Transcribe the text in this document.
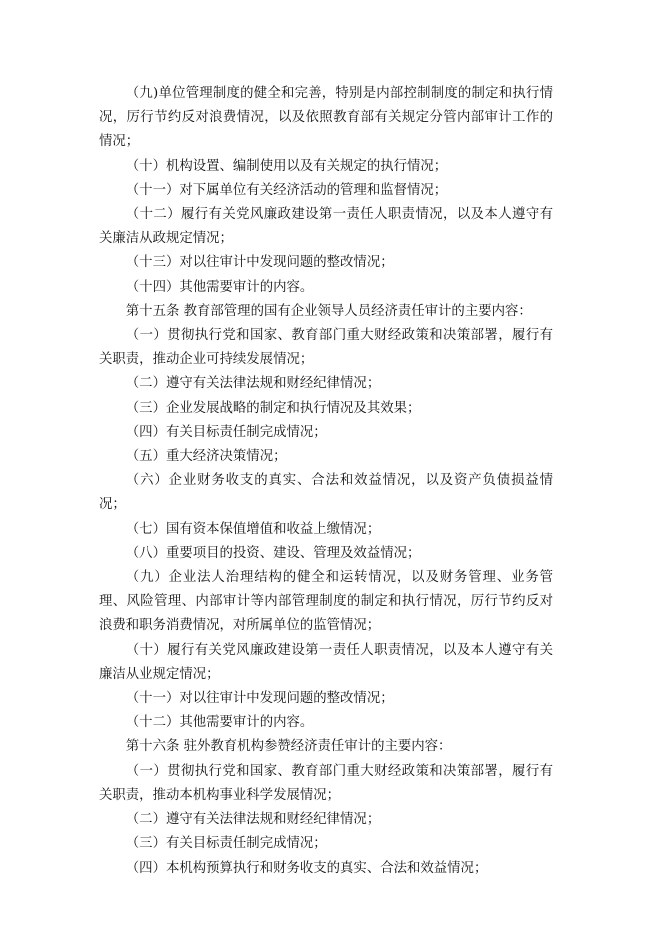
（九)单位管理制度的健全和完善，特别是内部控制制度的制定和执行情况，厉行节约反对浪费情况，以及依照教育部有关规定分管内部审计工作的情况；

（十）机构设置、编制使用以及有关规定的执行情况；

（十一）对下属单位有关经济活动的管理和监督情况；

（十二）履行有关党风廉政建设第一责任人职责情况，以及本人遵守有关廉洁从政规定情况；

（十三）对以往审计中发现问题的整改情况；

（十四）其他需要审计的内容。

第十五条 教育部管理的国有企业领导人员经济责任审计的主要内容：

（一）贯彻执行党和国家、教育部门重大财经政策和决策部署，履行有关职责，推动企业可持续发展情况；

（二）遵守有关法律法规和财经纪律情况；

（三）企业发展战略的制定和执行情况及其效果；

（四）有关目标责任制完成情况；

（五）重大经济决策情况；

（六）企业财务收支的真实、合法和效益情况，以及资产负债损益情况；

（七）国有资本保值增值和收益上缴情况；

（八）重要项目的投资、建设、管理及效益情况；

（九）企业法人治理结构的健全和运转情况，以及财务管理、业务管理、风险管理、内部审计等内部管理制度的制定和执行情况，厉行节约反对浪费和职务消费情况，对所属单位的监管情况；

（十）履行有关党风廉政建设第一责任人职责情况，以及本人遵守有关廉洁从业规定情况；

（十一）对以往审计中发现问题的整改情况；

（十二）其他需要审计的内容。

第十六条 驻外教育机构参赞经济责任审计的主要内容：

（一）贯彻执行党和国家、教育部门重大财经政策和决策部署，履行有关职责，推动本机构事业科学发展情况；

（二）遵守有关法律法规和财经纪律情况；

（三）有关目标责任制完成情况；

（四）本机构预算执行和财务收支的真实、合法和效益情况；
